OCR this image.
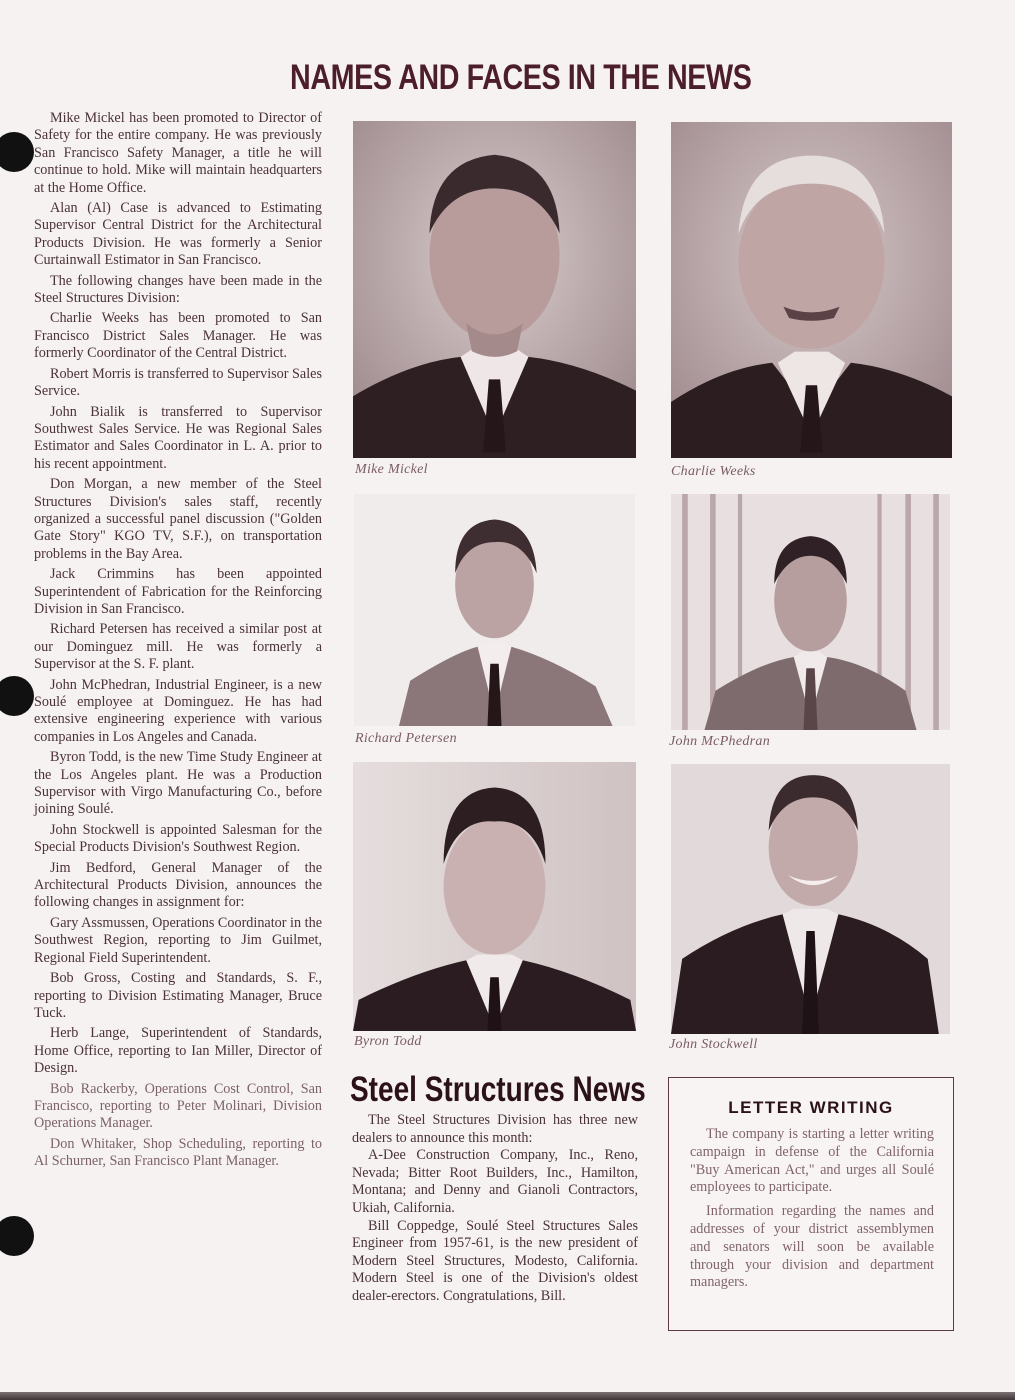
NAMES AND FACES IN THE NEWS

Mike Mickel has been promoted to Director of Safety for the entire company. He was previously San Francisco Safety Manager, a title he will continue to hold. Mike will maintain headquarters at the Home Office.

Alan (Al) Case is advanced to Estimating Supervisor Central District for the Architectural Products Division. He was formerly a Senior Curtainwall Estimator in San Francisco.

The following changes have been made in the Steel Structures Division:

Charlie Weeks has been promoted to San Francisco District Sales Manager. He was formerly Coordinator of the Central District.

Robert Morris is transferred to Supervisor Sales Service.

John Bialik is transferred to Supervisor Southwest Sales Service. He was Regional Sales Estimator and Sales Coordinator in L. A. prior to his recent appointment.

Don Morgan, a new member of the Steel Structures Division's sales staff, recently organized a successful panel discussion ("Golden Gate Story" KGO TV, S.F.), on transportation problems in the Bay Area.

Jack Crimmins has been appointed Superintendent of Fabrication for the Reinforcing Division in San Francisco.

Richard Petersen has received a similar post at our Dominguez mill. He was formerly a Supervisor at the S. F. plant.

John McPhedran, Industrial Engineer, is a new Soulé employee at Dominguez. He has had extensive engineering experience with various companies in Los Angeles and Canada.

Byron Todd, is the new Time Study Engineer at the Los Angeles plant. He was a Production Supervisor with Virgo Manufacturing Co., before joining Soulé.

John Stockwell is appointed Salesman for the Special Products Division's Southwest Region.

Jim Bedford, General Manager of the Architectural Products Division, announces the following changes in assignment for:

Gary Assmussen, Operations Coordinator in the Southwest Region, reporting to Jim Guilmet, Regional Field Superintendent.

Bob Gross, Costing and Standards, S. F., reporting to Division Estimating Manager, Bruce Tuck.

Herb Lange, Superintendent of Standards, Home Office, reporting to Ian Miller, Director of Design.

Bob Rackerby, Operations Cost Control, San Francisco, reporting to Peter Molinari, Division Operations Manager.

Don Whitaker, Shop Scheduling, reporting to Al Schurner, San Francisco Plant Manager.

Mike Mickel	Charlie Weeks
Richard Petersen	John McPhedran
Byron Todd	John Stockwell
Steel Structures News

The Steel Structures Division has three new dealers to announce this month:

A-Dee Construction Company, Inc., Reno, Nevada; Bitter Root Builders, Inc., Hamilton, Montana; and Denny and Gianoli Contractors, Ukiah, California.

Bill Coppedge, Soulé Steel Structures Sales Engineer from 1957-61, is the new president of Modern Steel Structures, Modesto, California. Modern Steel is one of the Division's oldest dealer-erectors. Congratulations, Bill.

LETTER WRITING

The company is starting a letter writing campaign in defense of the California "Buy American Act," and urges all Soulé employees to participate.

Information regarding the names and addresses of your district assemblymen and senators will soon be available through your division and department managers.
